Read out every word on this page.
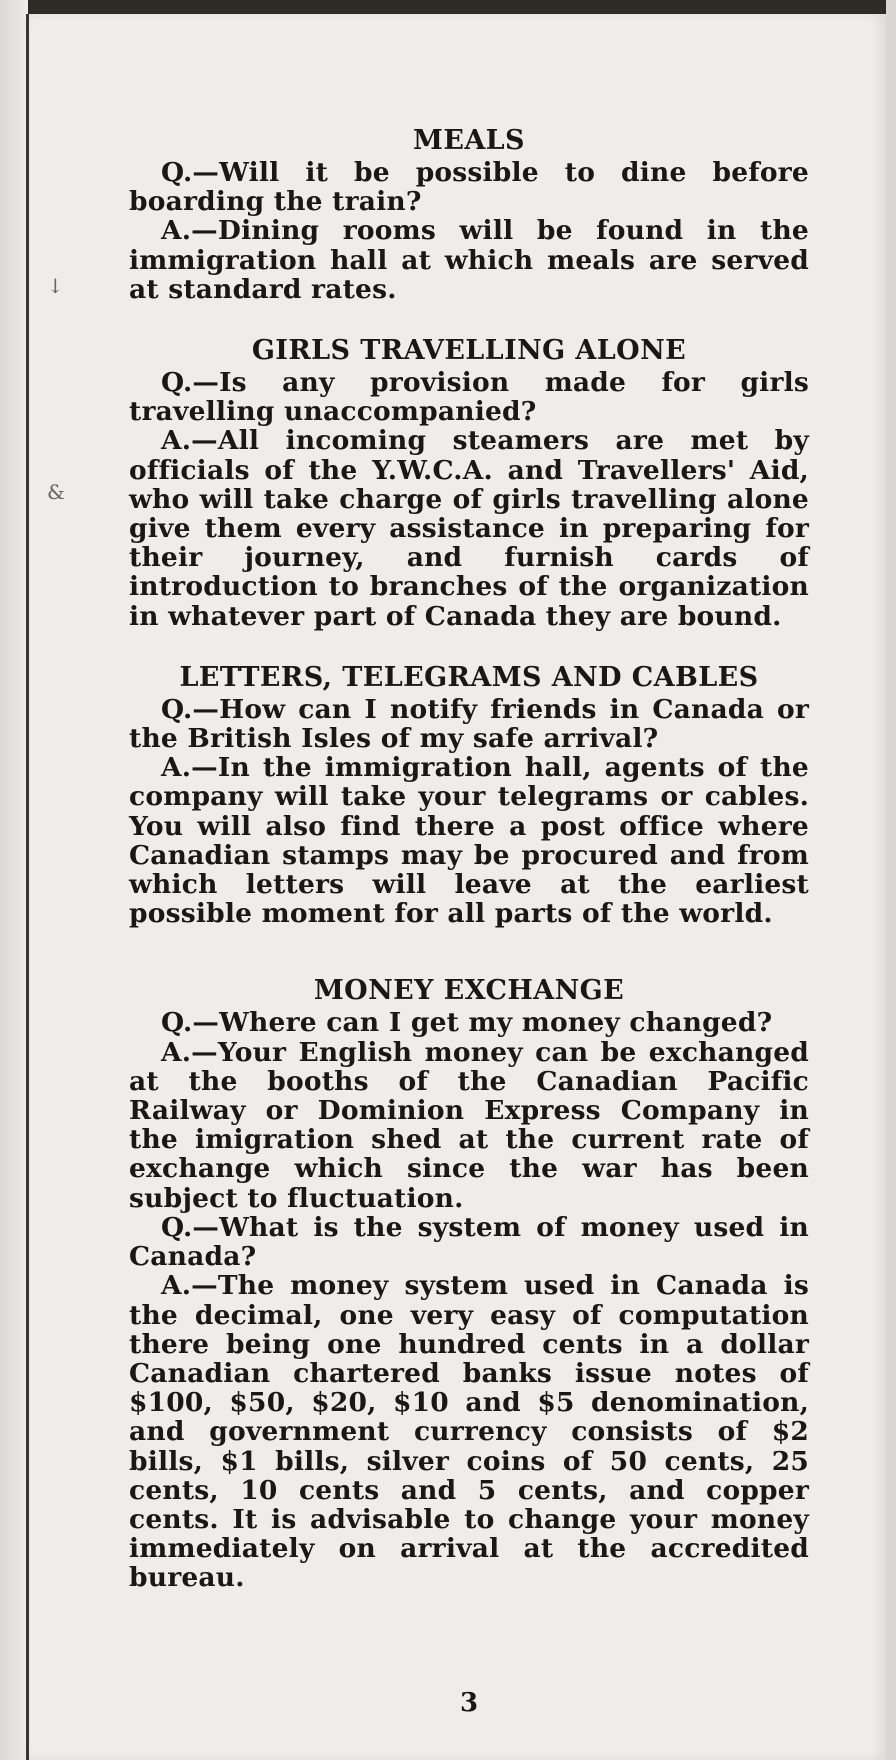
↓
&
MEALS

Q.—Will it be possible to dine before boarding the train?

A.—Dining rooms will be found in the immigration hall at which meals are served at standard rates.

GIRLS TRAVELLING ALONE

Q.—Is any provision made for girls travelling unaccompanied?

A.—All incoming steamers are met by officials of the Y.W.C.A. and Travellers' Aid, who will take charge of girls travelling alone give them every assistance in preparing for their journey, and furnish cards of introduction to branches of the organization in whatever part of Canada they are bound.

LETTERS, TELEGRAMS AND CABLES

Q.—How can I notify friends in Canada or the British Isles of my safe arrival?

A.—In the immigration hall, agents of the company will take your telegrams or cables. You will also find there a post office where Canadian stamps may be procured and from which letters will leave at the earliest possible moment for all parts of the world.

MONEY EXCHANGE

Q.—Where can I get my money changed?

A.—Your English money can be exchanged at the booths of the Canadian Pacific Railway or Dominion Express Company in the imigration shed at the current rate of exchange which since the war has been subject to fluctuation.

Q.—What is the system of money used in Canada?

A.—The money system used in Canada is the decimal, one very easy of computation there being one hundred cents in a dollar Canadian chartered banks issue notes of $100, $50, $20, $10 and $5 denomination, and government currency consists of $2 bills, $1 bills, silver coins of 50 cents, 25 cents, 10 cents and 5 cents, and copper cents. It is advisable to change your money immediately on arrival at the accredited bureau.

3
